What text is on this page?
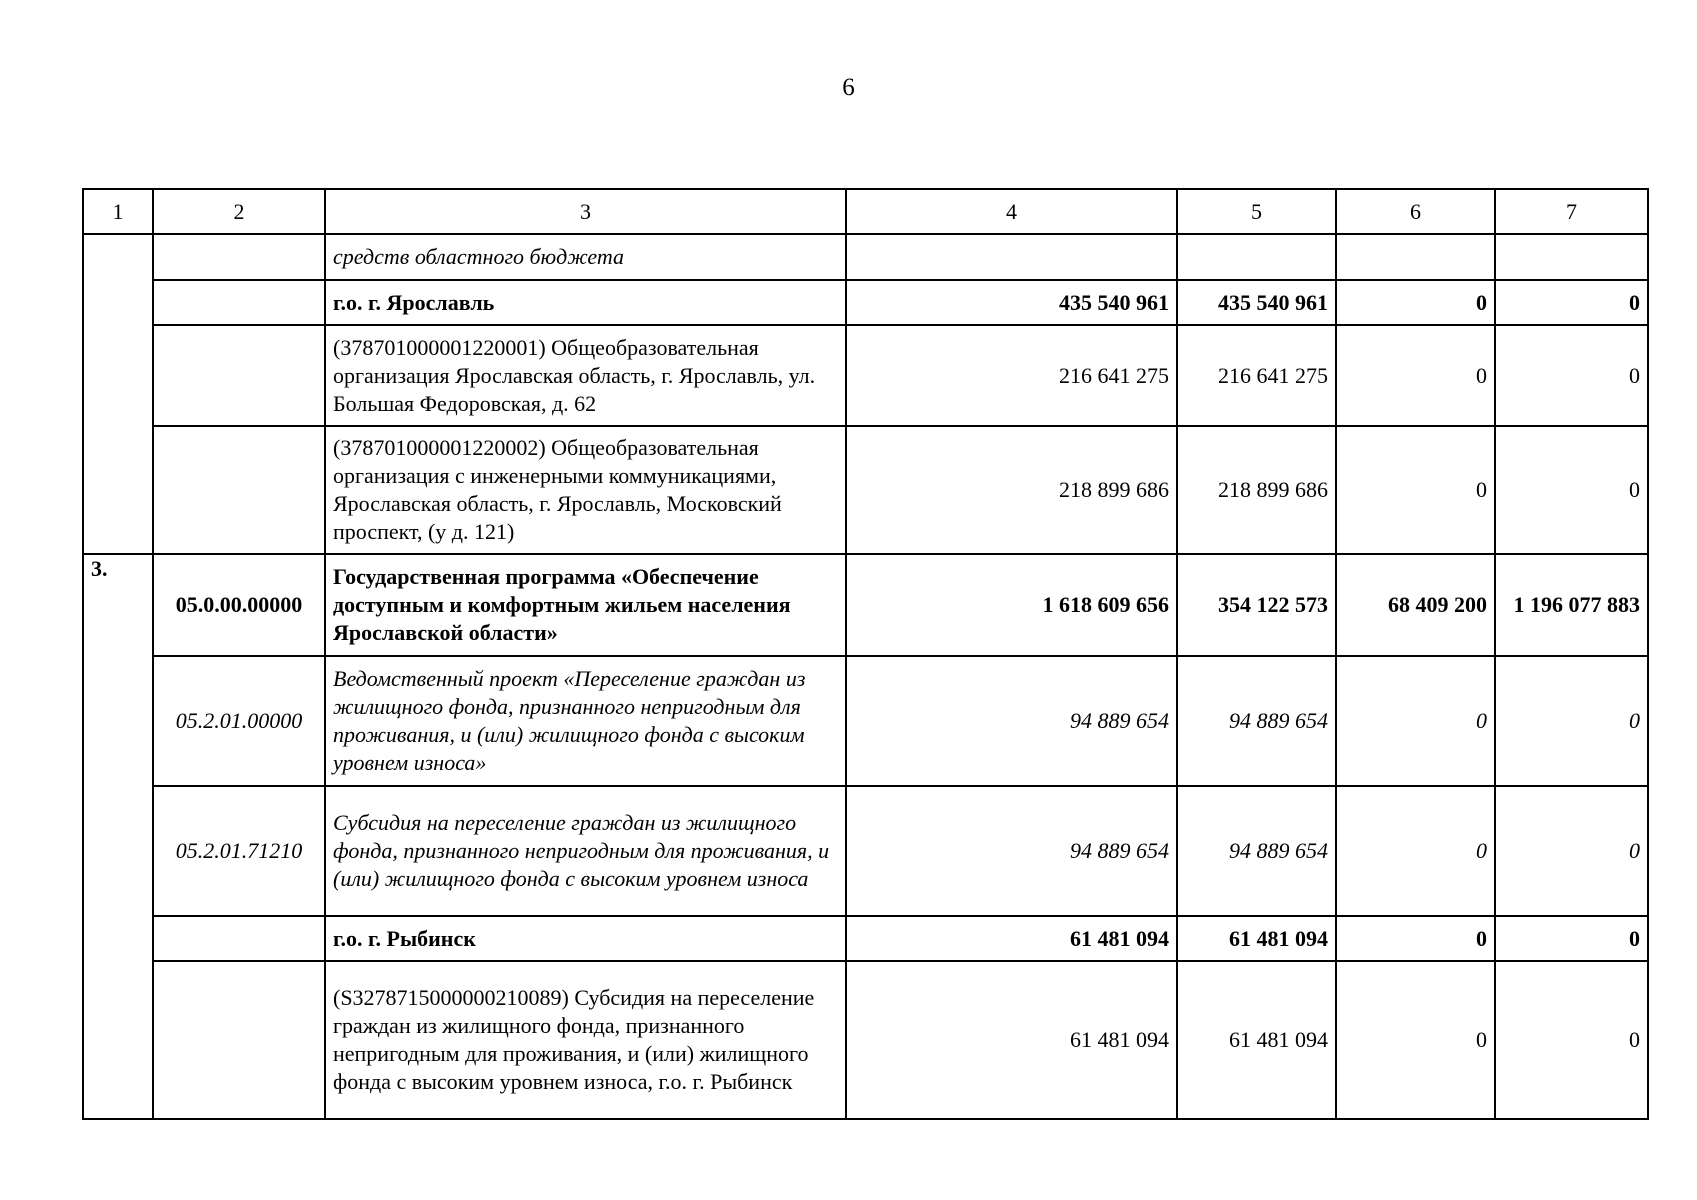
6
1	2	3	4	5	6	7
		средств областного бюджета				
		г.о. г. Ярославль	435 540 961	435 540 961	0	0
		(378701000001220001) Общеобразовательная организация Ярославская область, г. Ярославль, ул. Большая Федоровская, д. 62	216 641 275	216 641 275	0	0
		(378701000001220002) Общеобразовательная организация с инженерными коммуникациями, Ярославская область, г. Ярославль, Московский проспект, (у д. 121)	218 899 686	218 899 686	0	0
3.	05.0.00.00000	Государственная программа «Обеспечение доступным и комфортным жильем населения Ярославской области»	1 618 609 656	354 122 573	68 409 200	1 196 077 883
	05.2.01.00000	Ведомственный проект «Переселение граждан из жилищного фонда, признанного непригодным для проживания, и (или) жилищного фонда с высоким уровнем износа»	94 889 654	94 889 654	0	0
	05.2.01.71210	Субсидия на переселение граждан из жилищного фонда, признанного непригодным для проживания, и (или) жилищного фонда с высоким уровнем износа	94 889 654	94 889 654	0	0
		г.о. г. Рыбинск	61 481 094	61 481 094	0	0
		(S327871500000021008​9) Субсидия на переселение граждан из жилищного фонда, признанного непригодным для проживания, и (или) жилищного фонда с высоким уровнем износа, г.о. г. Рыбинск	61 481 094	61 481 094	0	0
